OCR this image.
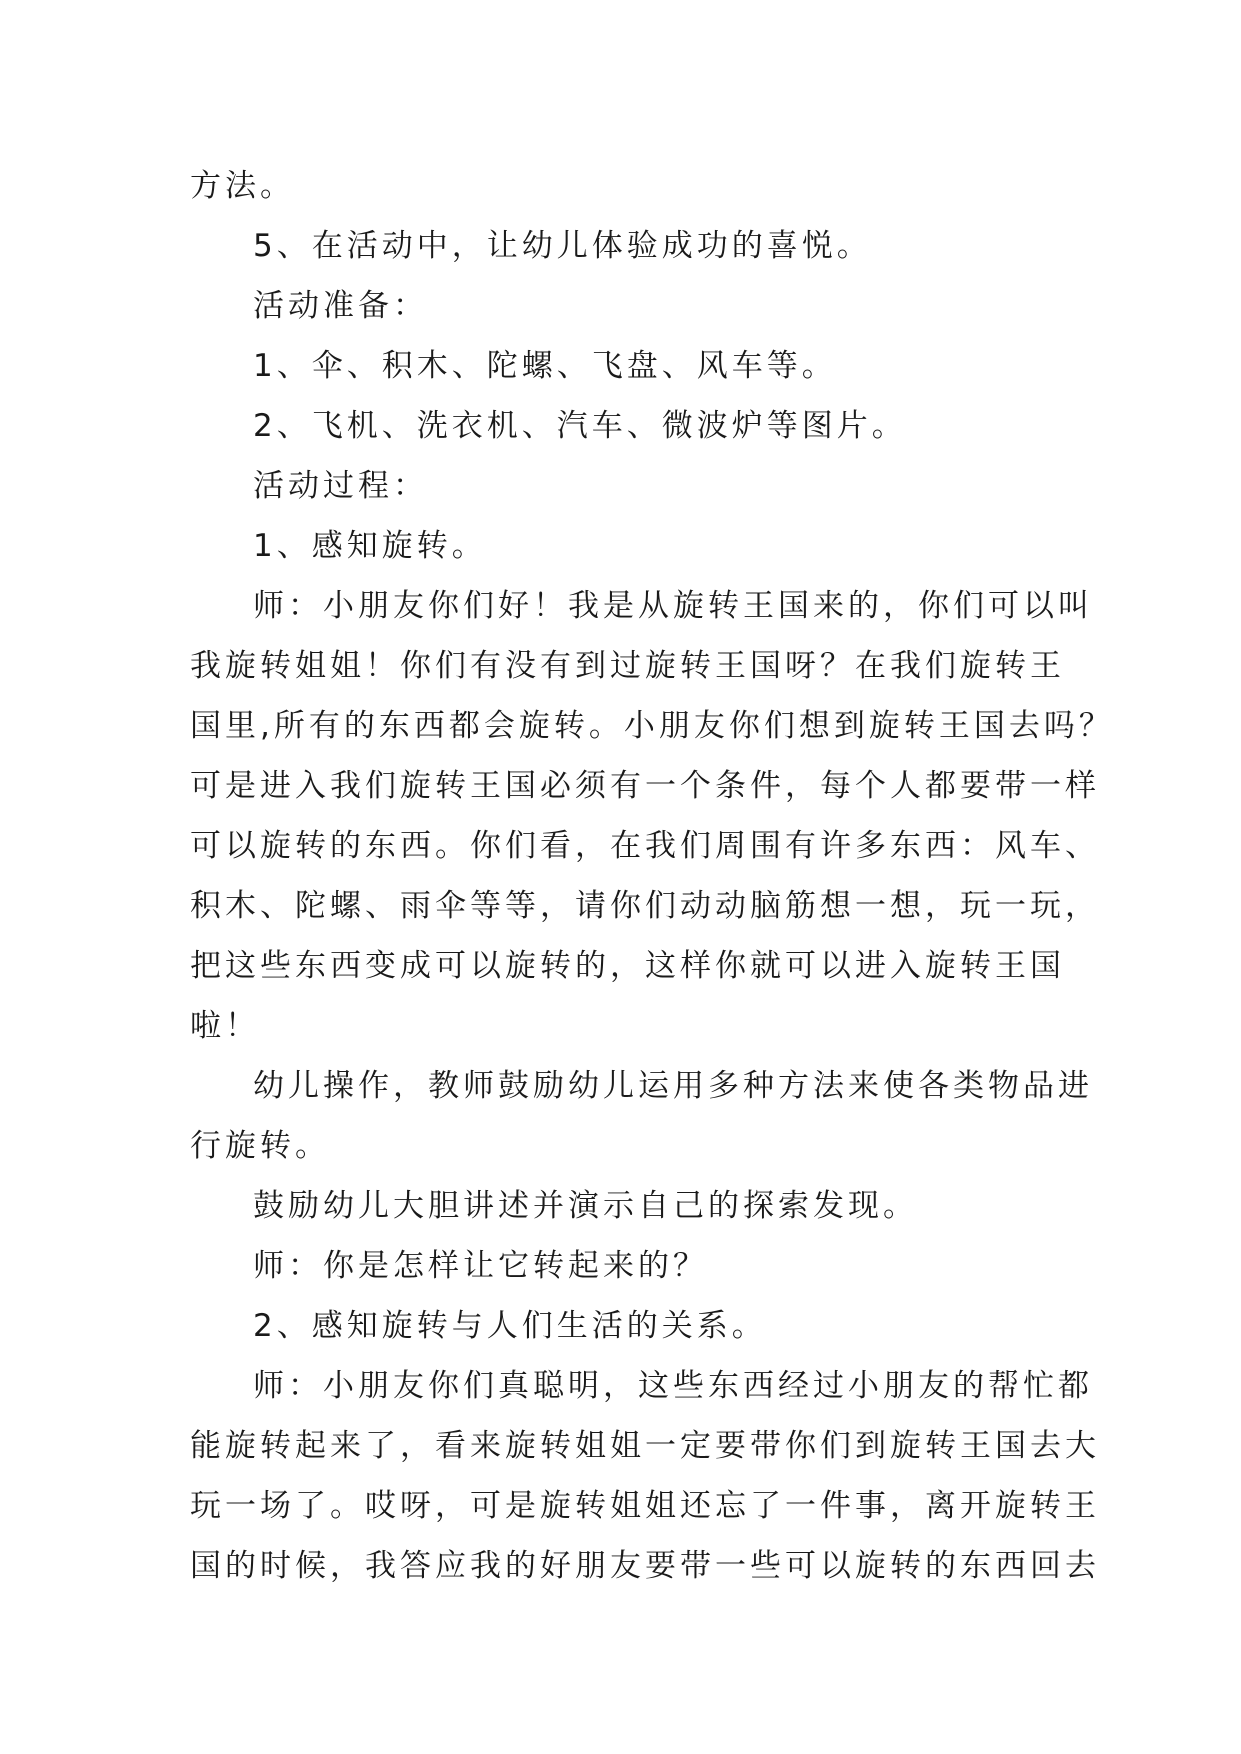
方法。
5、在活动中，让幼儿体验成功的喜悦。
活动准备：
1、伞、积木、陀螺、飞盘、风车等。
2、飞机、洗衣机、汽车、微波炉等图片。
活动过程：
1、感知旋转。
师：小朋友你们好！我是从旋转王国来的，你们可以叫
我旋转姐姐！你们有没有到过旋转王国呀？在我们旋转王
国里,所有的东西都会旋转。小朋友你们想到旋转王国去吗？
可是进入我们旋转王国必须有一个条件，每个人都要带一样
可以旋转的东西。你们看，在我们周围有许多东西：风车、
积木、陀螺、雨伞等等，请你们动动脑筋想一想，玩一玩，
把这些东西变成可以旋转的，这样你就可以进入旋转王国
啦！
幼儿操作，教师鼓励幼儿运用多种方法来使各类物品进
行旋转。
鼓励幼儿大胆讲述并演示自己的探索发现。
师：你是怎样让它转起来的？
2、感知旋转与人们生活的关系。
师：小朋友你们真聪明，这些东西经过小朋友的帮忙都
能旋转起来了，看来旋转姐姐一定要带你们到旋转王国去大
玩一场了。哎呀，可是旋转姐姐还忘了一件事，离开旋转王
国的时候，我答应我的好朋友要带一些可以旋转的东西回去
